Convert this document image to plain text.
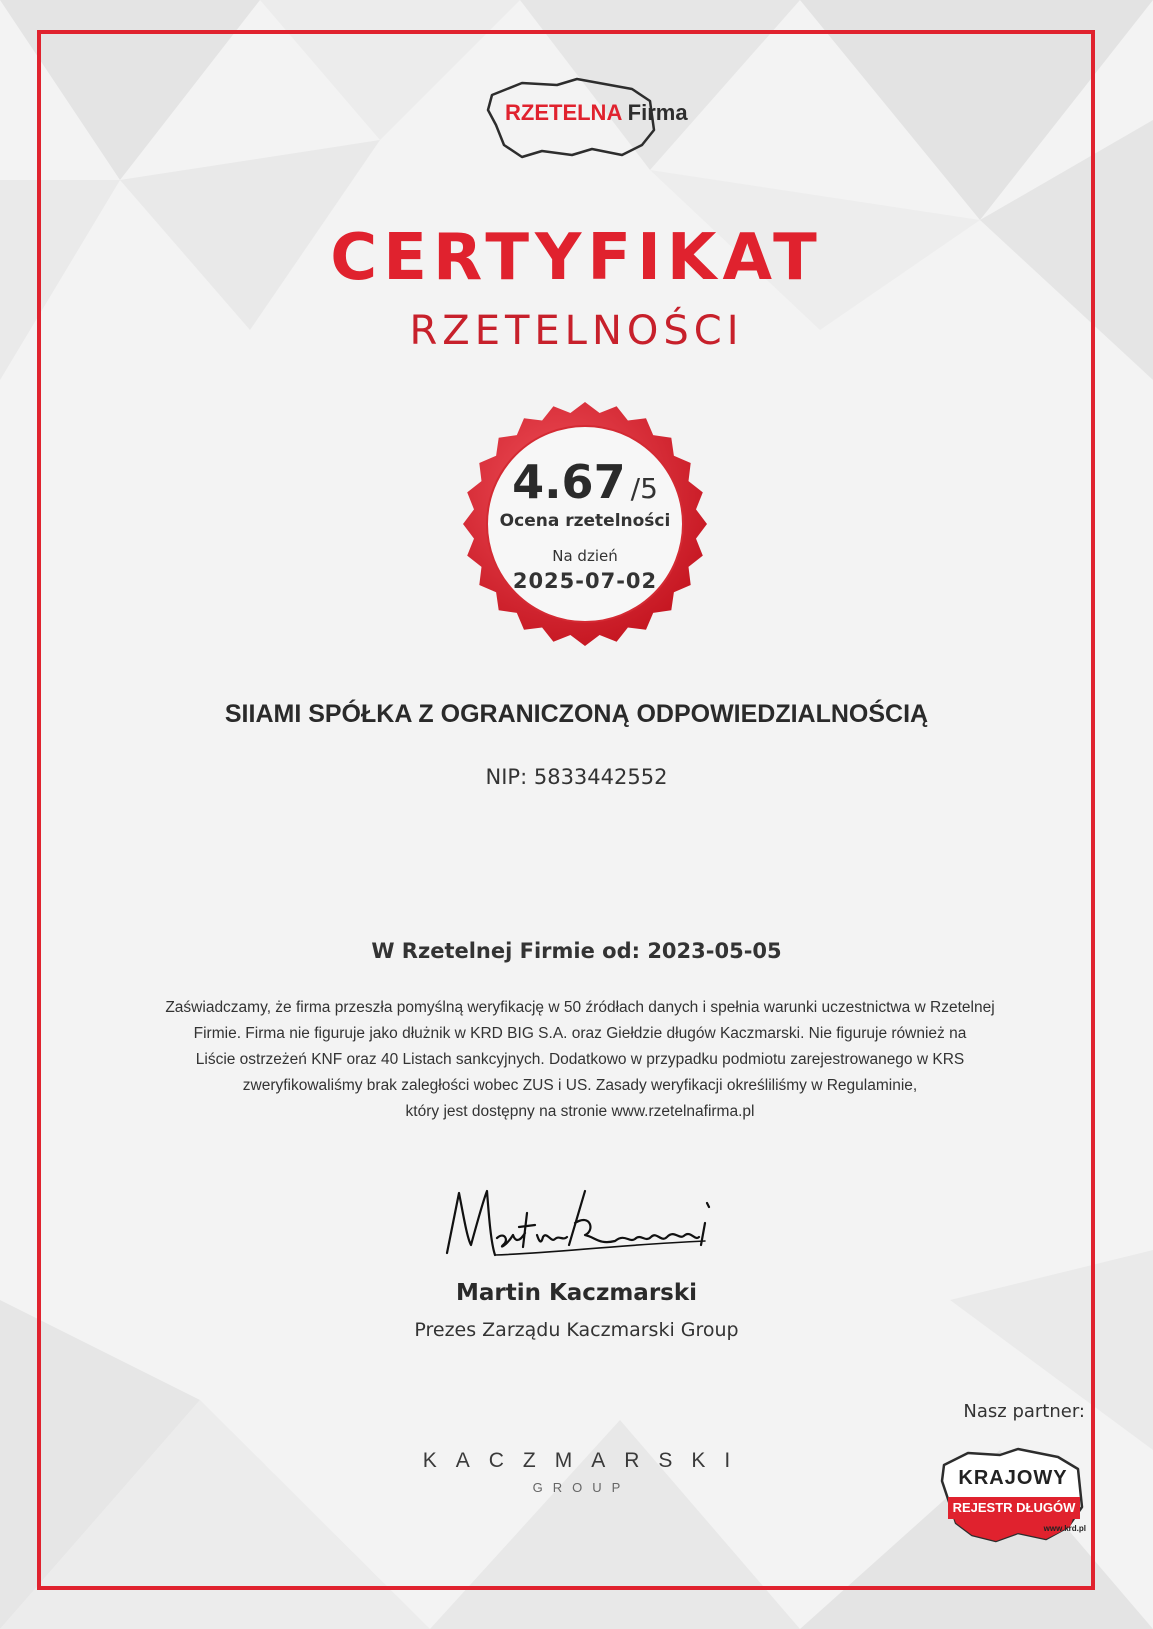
RZETELNA Firma
CERTYFIKAT
RZETELNOŚCI
4.67 /5
Ocena rzetelności
Na dzień
2025-07-02
SIIAMI SPÓŁKA Z OGRANICZONĄ ODPOWIEDZIALNOŚCIĄ
NIP: 5833442552
W Rzetelnej Firmie od: 2023-05-05
Zaświadczamy, że firma przeszła pomyślną weryfikację w 50 źródłach danych i spełnia warunki uczestnictwa w Rzetelnej
Firmie. Firma nie figuruje jako dłużnik w KRD BIG S.A. oraz Giełdzie długów Kaczmarski. Nie figuruje również na
Liście ostrzeżeń KNF oraz 40 Listach sankcyjnych. Dodatkowo w przypadku podmiotu zarejestrowanego w KRS
zweryfikowaliśmy brak zaległości wobec ZUS i US. Zasady weryfikacji określiliśmy w Regulaminie,
który jest dostępny na stronie www.rzetelnafirma.pl
Martin Kaczmarski
Prezes Zarządu Kaczmarski Group
Nasz partner:
KACZMARSKI
GROUP	KRAJOWY
REJESTR DŁUGÓW
www.krd.pl
